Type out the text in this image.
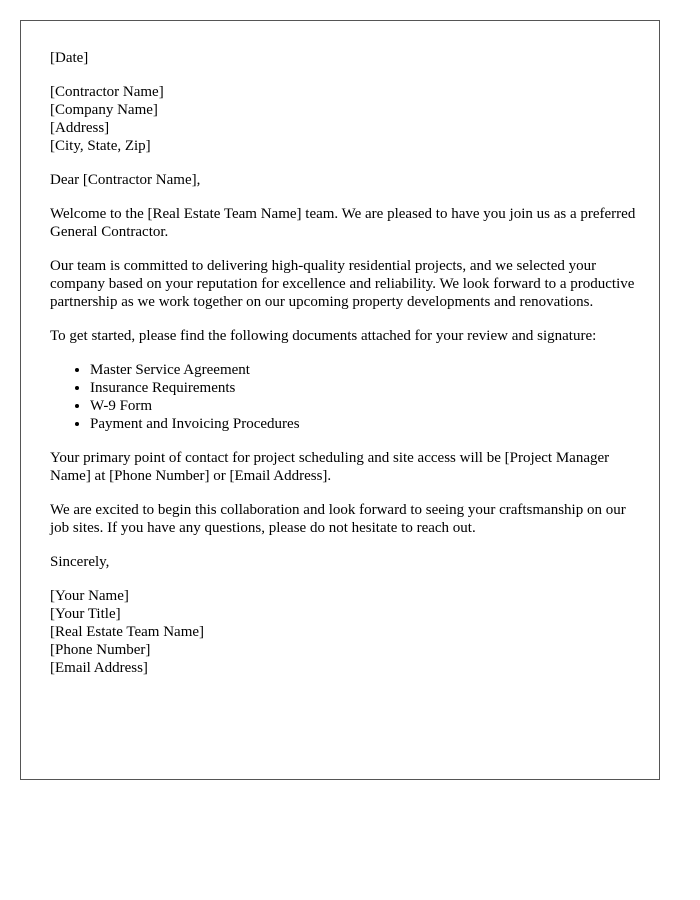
[Date]

[Contractor Name]
[Company Name]
[Address]
[City, State, Zip]

Dear [Contractor Name],

Welcome to the [Real Estate Team Name] team. We are pleased to have you join us as a preferred General Contractor.

Our team is committed to delivering high-quality residential projects, and we selected your company based on your reputation for excellence and reliability. We look forward to a productive partnership as we work together on our upcoming property developments and renovations.

To get started, please find the following documents attached for your review and signature:

• Master Service Agreement
• Insurance Requirements
• W-9 Form
• Payment and Invoicing Procedures

Your primary point of contact for project scheduling and site access will be [Project Manager Name] at [Phone Number] or [Email Address].

We are excited to begin this collaboration and look forward to seeing your craftsmanship on our job sites. If you have any questions, please do not hesitate to reach out.

Sincerely,

[Your Name]
[Your Title]
[Real Estate Team Name]
[Phone Number]
[Email Address]
